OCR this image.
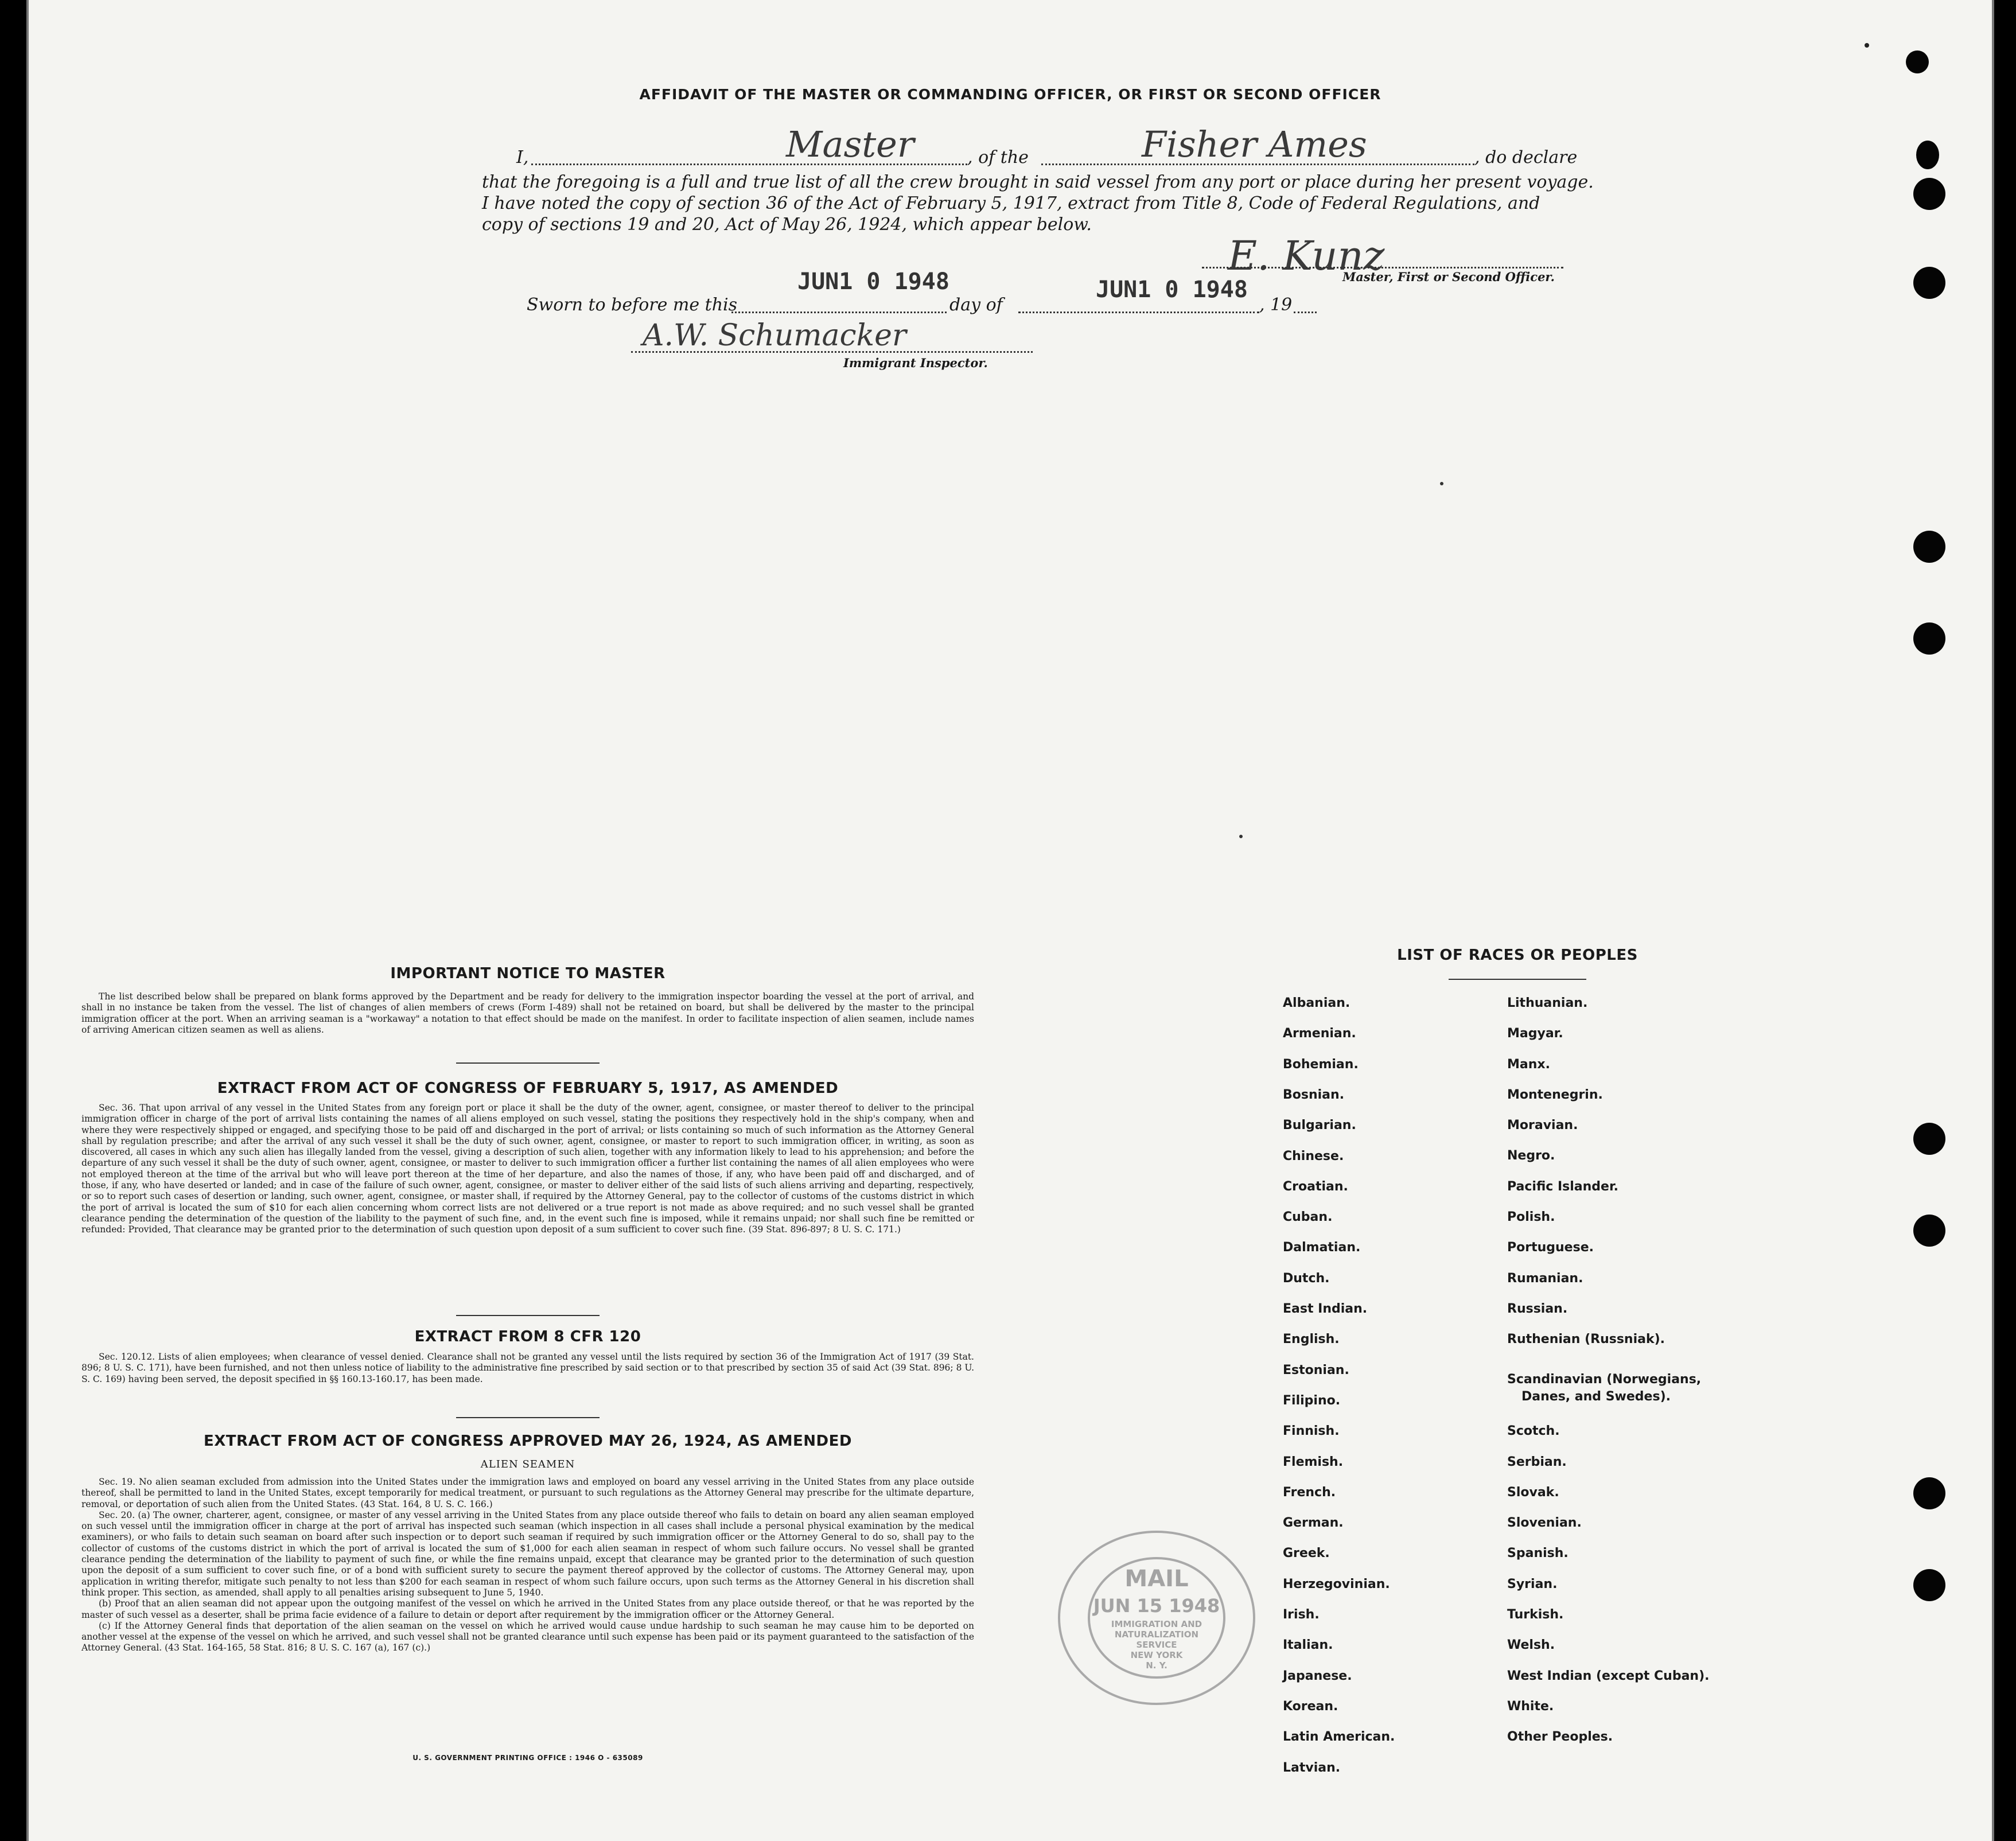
AFFIDAVIT OF THE MASTER OR COMMANDING OFFICER, OR FIRST OR SECOND OFFICER
I,	Master	, of the	Fisher Ames	, do declare
that the foregoing is a full and true list of all the crew brought in said vessel from any port or place during her present voyage.
I have noted the copy of section 36 of the Act of February 5, 1917, extract from Title 8, Code of Federal Regulations, and
copy of sections 19 and 20, Act of May 26, 1924, which appear below.
E. Kunz
Master, First or Second Officer.
Sworn to before me this
JUN1 0 1948
day of
JUN1 0 1948
, 19
A.W. Schumacker
Immigrant Inspector.
IMPORTANT NOTICE TO MASTER

The list described below shall be prepared on blank forms approved by the Department and be ready for delivery to the immigration inspector boarding the vessel at the port of arrival, and shall in no instance be taken from the vessel. The list of changes of alien members of crews (Form I-489) shall not be retained on board, but shall be delivered by the master to the principal immigration officer at the port. When an arriving seaman is a "workaway" a notation to that effect should be made on the manifest. In order to facilitate inspection of alien seamen, include names of arriving American citizen seamen as well as aliens.

EXTRACT FROM ACT OF CONGRESS OF FEBRUARY 5, 1917, AS AMENDED

Sec. 36. That upon arrival of any vessel in the United States from any foreign port or place it shall be the duty of the owner, agent, consignee, or master thereof to deliver to the principal immigration officer in charge of the port of arrival lists containing the names of all aliens employed on such vessel, stating the positions they respectively hold in the ship's company, when and where they were respectively shipped or engaged, and specifying those to be paid off and discharged in the port of arrival; or lists containing so much of such information as the Attorney General shall by regulation prescribe; and after the arrival of any such vessel it shall be the duty of such owner, agent, consignee, or master to report to such immigration officer, in writing, as soon as discovered, all cases in which any such alien has illegally landed from the vessel, giving a description of such alien, together with any information likely to lead to his apprehension; and before the departure of any such vessel it shall be the duty of such owner, agent, consignee, or master to deliver to such immigration officer a further list containing the names of all alien employees who were not employed thereon at the time of the arrival but who will leave port thereon at the time of her departure, and also the names of those, if any, who have been paid off and discharged, and of those, if any, who have deserted or landed; and in case of the failure of such owner, agent, consignee, or master to deliver either of the said lists of such aliens arriving and departing, respectively, or so to report such cases of desertion or landing, such owner, agent, consignee, or master shall, if required by the Attorney General, pay to the collector of customs of the customs district in which the port of arrival is located the sum of $10 for each alien concerning whom correct lists are not delivered or a true report is not made as above required; and no such vessel shall be granted clearance pending the determination of the question of the liability to the payment of such fine, and, in the event such fine is imposed, while it remains unpaid; nor shall such fine be remitted or refunded: Provided, That clearance may be granted prior to the determination of such question upon deposit of a sum sufficient to cover such fine. (39 Stat. 896-897; 8 U. S. C. 171.)

EXTRACT FROM 8 CFR 120

Sec. 120.12. Lists of alien employees; when clearance of vessel denied. Clearance shall not be granted any vessel until the lists required by section 36 of the Immigration Act of 1917 (39 Stat. 896; 8 U. S. C. 171), have been furnished, and not then unless notice of liability to the administrative fine prescribed by said section or to that prescribed by section 35 of said Act (39 Stat. 896; 8 U. S. C. 169) having been served, the deposit specified in §§ 160.13-160.17, has been made.

EXTRACT FROM ACT OF CONGRESS APPROVED MAY 26, 1924, AS AMENDED
ALIEN SEAMEN

Sec. 19. No alien seaman excluded from admission into the United States under the immigration laws and employed on board any vessel arriving in the United States from any place outside thereof, shall be permitted to land in the United States, except temporarily for medical treatment, or pursuant to such regulations as the Attorney General may prescribe for the ultimate departure, removal, or deportation of such alien from the United States. (43 Stat. 164, 8 U. S. C. 166.)

Sec. 20. (a) The owner, charterer, agent, consignee, or master of any vessel arriving in the United States from any place outside thereof who fails to detain on board any alien seaman employed on such vessel until the immigration officer in charge at the port of arrival has inspected such seaman (which inspection in all cases shall include a personal physical examination by the medical examiners), or who fails to detain such seaman on board after such inspection or to deport such seaman if required by such immigration officer or the Attorney General to do so, shall pay to the collector of customs of the customs district in which the port of arrival is located the sum of $1,000 for each alien seaman in respect of whom such failure occurs. No vessel shall be granted clearance pending the determination of the liability to payment of such fine, or while the fine remains unpaid, except that clearance may be granted prior to the determination of such question upon the deposit of a sum sufficient to cover such fine, or of a bond with sufficient surety to secure the payment thereof approved by the collector of customs. The Attorney General may, upon application in writing therefor, mitigate such penalty to not less than $200 for each seaman in respect of whom such failure occurs, upon such terms as the Attorney General in his discretion shall think proper. This section, as amended, shall apply to all penalties arising subsequent to June 5, 1940.

(b) Proof that an alien seaman did not appear upon the outgoing manifest of the vessel on which he arrived in the United States from any place outside thereof, or that he was reported by the master of such vessel as a deserter, shall be prima facie evidence of a failure to detain or deport after requirement by the immigration officer or the Attorney General.

(c) If the Attorney General finds that deportation of the alien seaman on the vessel on which he arrived would cause undue hardship to such seaman he may cause him to be deported on another vessel at the expense of the vessel on which he arrived, and such vessel shall not be granted clearance until such expense has been paid or its payment guaranteed to the satisfaction of the Attorney General. (43 Stat. 164-165, 58 Stat. 816; 8 U. S. C. 167 (a), 167 (c).)

U. S. GOVERNMENT PRINTING OFFICE : 1946 O - 635089
LIST OF RACES OR PEOPLES
Albanian.
Armenian.
Bohemian.
Bosnian.
Bulgarian.
Chinese.
Croatian.
Cuban.
Dalmatian.
Dutch.
East Indian.
English.
Estonian.
Filipino.
Finnish.
Flemish.
French.
German.
Greek.
Herzegovinian.
Irish.
Italian.
Japanese.
Korean.
Latin American.
Latvian.
Lithuanian.
Magyar.
Manx.
Montenegrin.
Moravian.
Negro.
Pacific Islander.
Polish.
Portuguese.
Rumanian.
Russian.
Ruthenian (Russniak).
Scandinavian (Norwegians,
Danes, and Swedes).
Scotch.
Serbian.
Slovak.
Slovenian.
Spanish.
Syrian.
Turkish.
Welsh.
West Indian (except Cuban).
White.
Other Peoples.
MAIL
JUN 15 1948
IMMIGRATION AND
NATURALIZATION
SERVICE
NEW YORK
N. Y.
